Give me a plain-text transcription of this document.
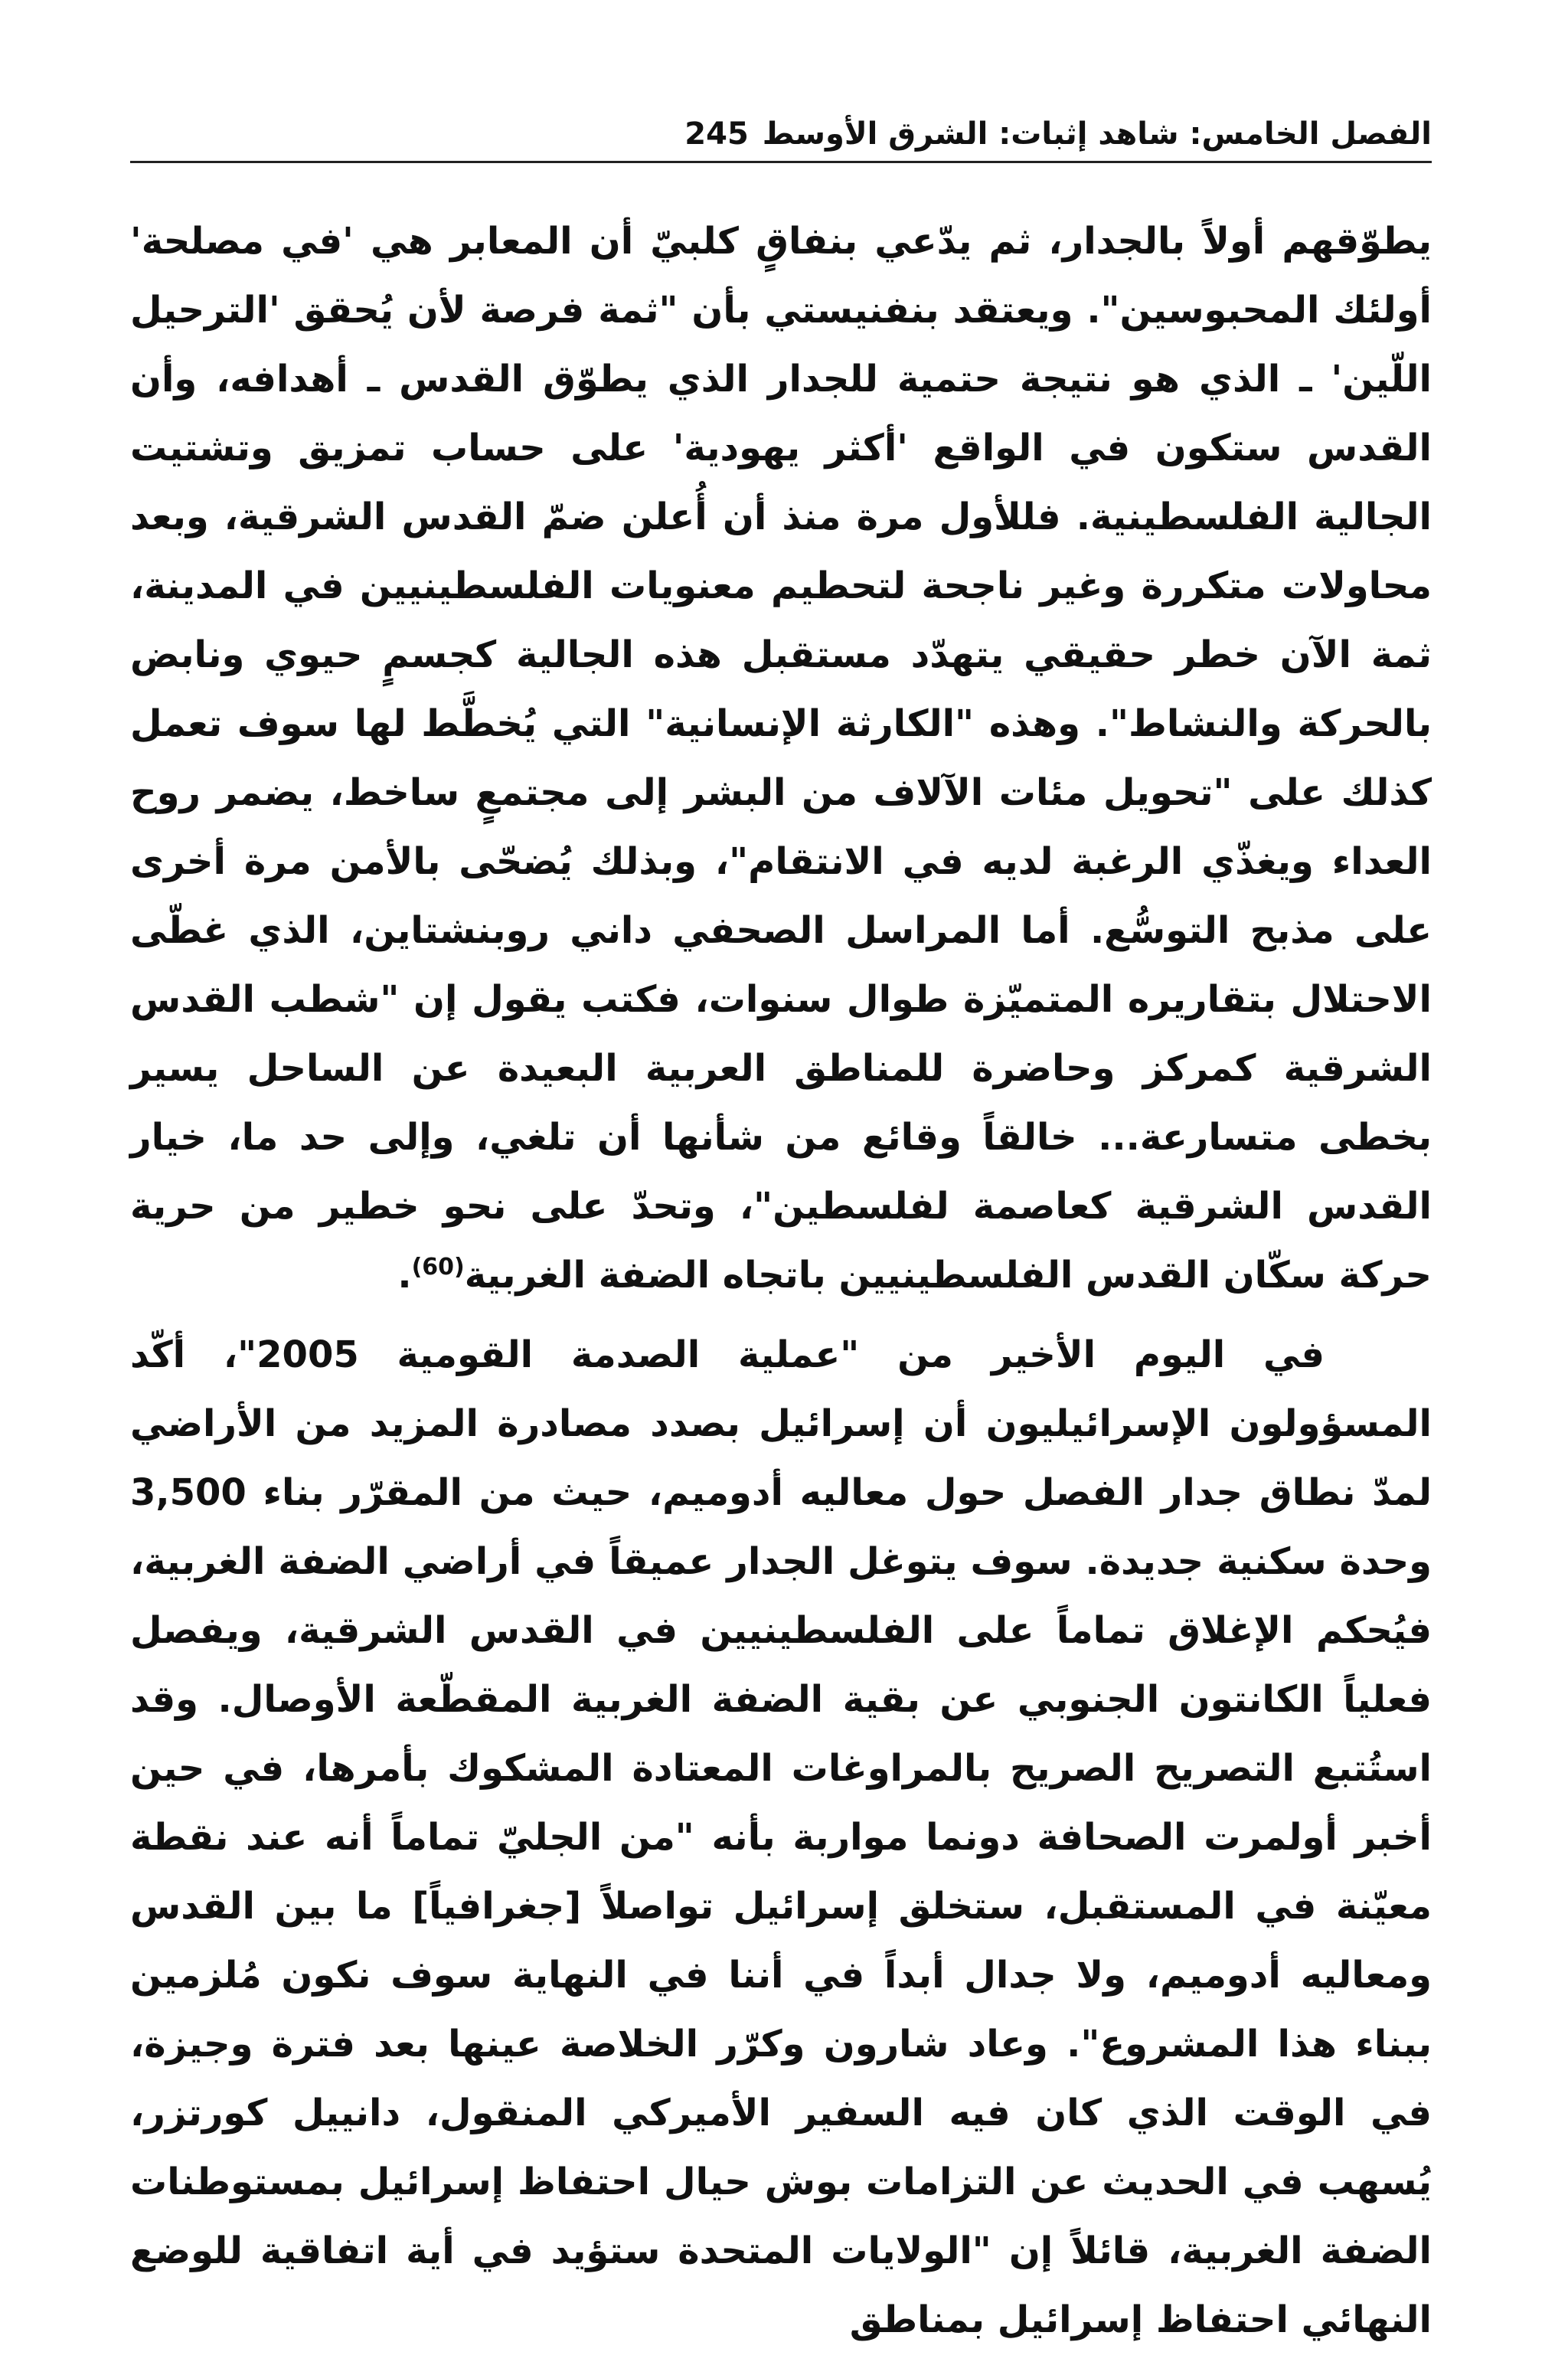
الفصل الخامس: شاهد إثبات: الشرق الأوسط
245

يطوّقهم أولاً بالجدار، ثم يدّعي بنفاقٍ كلبيّ أن المعابر هي 'في مصلحة' أولئك المحبوسين". ويعتقد بنفنيستي بأن "ثمة فرصة لأن يُحقق 'الترحيل اللّين' ـ الذي هو نتيجة حتمية للجدار الذي يطوّق القدس ـ أهدافه، وأن القدس ستكون في الواقع 'أكثر يهودية' على حساب تمزيق وتشتيت الجالية الفلسطينية. فللأول مرة منذ أن أُعلن ضمّ القدس الشرقية، وبعد محاولات متكررة وغير ناجحة لتحطيم معنويات الفلسطينيين في المدينة، ثمة الآن خطر حقيقي يتهدّد مستقبل هذه الجالية كجسمٍ حيوي ونابض بالحركة والنشاط". وهذه "الكارثة الإنسانية" التي يُخطَّط لها سوف تعمل كذلك على "تحويل مئات الآلاف من البشر إلى مجتمعٍ ساخط، يضمر روح العداء ويغذّي الرغبة لديه في الانتقام"، وبذلك يُضحّى بالأمن مرة أخرى على مذبح التوسُّع. أما المراسل الصحفي داني روبنشتاين، الذي غطّى الاحتلال بتقاريره المتميّزة طوال سنوات، فكتب يقول إن "شطب القدس الشرقية كمركز وحاضرة للمناطق العربية البعيدة عن الساحل يسير بخطى متسارعة... خالقاً وقائع من شأنها أن تلغي، وإلى حد ما، خيار القدس الشرقية كعاصمة لفلسطين"، وتحدّ على نحو خطير من حرية حركة سكّان القدس الفلسطينيين باتجاه الضفة الغربية$^{(60)}$.

في اليوم الأخير من "عملية الصدمة القومية 2005"، أكّد المسؤولون الإسرائيليون أن إسرائيل بصدد مصادرة المزيد من الأراضي لمدّ نطاق جدار الفصل حول معاليه أدوميم، حيث من المقرّر بناء 3,500 وحدة سكنية جديدة. سوف يتوغل الجدار عميقاً في أراضي الضفة الغربية، فيُحكم الإغلاق تماماً على الفلسطينيين في القدس الشرقية، ويفصل فعلياً الكانتون الجنوبي عن بقية الضفة الغربية المقطّعة الأوصال. وقد استُتبع التصريح الصريح بالمراوغات المعتادة المشكوك بأمرها، في حين أخبر أولمرت الصحافة دونما مواربة بأنه "من الجليّ تماماً أنه عند نقطة معيّنة في المستقبل، ستخلق إسرائيل تواصلاً [جغرافياً] ما بين القدس ومعاليه أدوميم، ولا جدال أبداً في أننا في النهاية سوف نكون مُلزمين ببناء هذا المشروع". وعاد شارون وكرّر الخلاصة عينها بعد فترة وجيزة، في الوقت الذي كان فيه السفير الأميركي المنقول، دانييل كورتزر، يُسهب في الحديث عن التزامات بوش حيال احتفاظ إسرائيل بمستوطنات الضفة الغربية، قائلاً إن "الولايات المتحدة ستؤيد في أية اتفاقية للوضع النهائي احتفاظ إسرائيل بمناطق
